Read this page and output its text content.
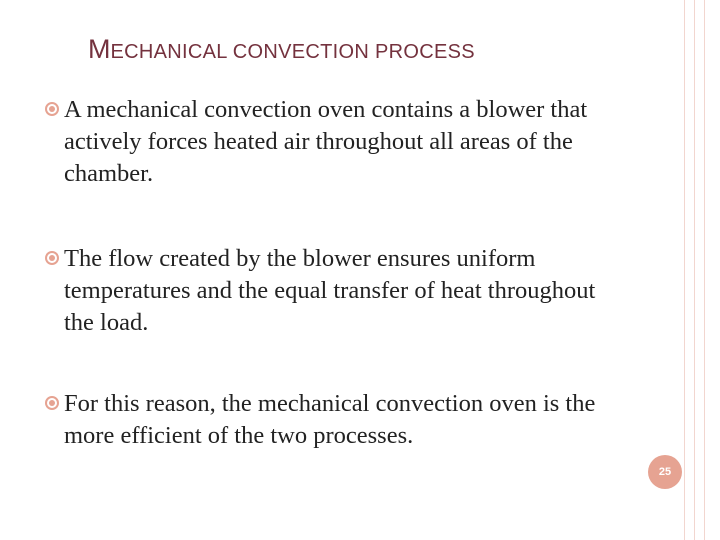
MECHANICAL CONVECTION PROCESS
A mechanical convection oven contains a blower that actively forces heated air throughout all areas of the chamber.
The flow created by the blower ensures uniform temperatures and the equal transfer of heat throughout the load.
For this reason, the mechanical convection oven is the more efficient of the two processes.
25
